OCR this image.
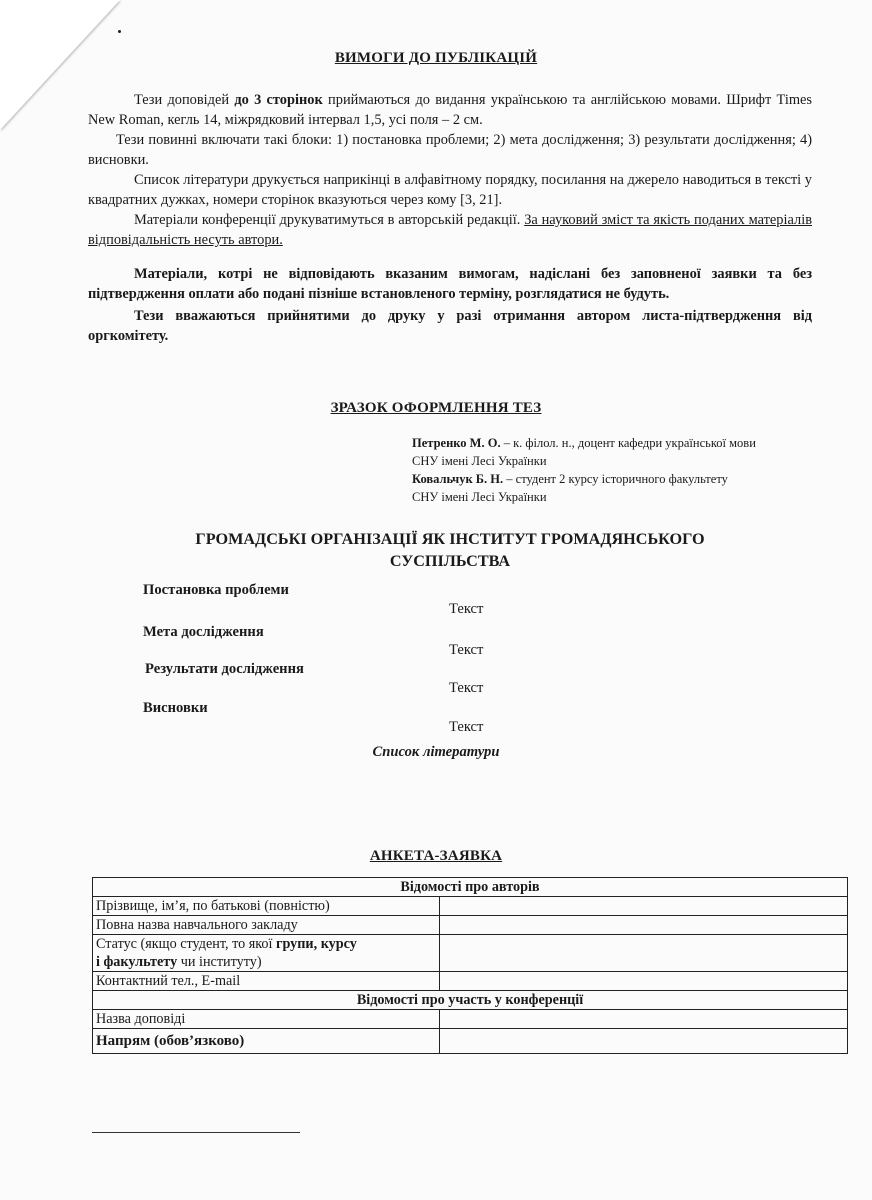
ВИМОГИ ДО ПУБЛІКАЦІЙ

Тези доповідей до 3 сторінок приймаються до видання українською та англійською мовами. Шрифт Times New Roman, кегль 14, міжрядковий інтервал 1,5, усі поля – 2 см.

Тези повинні включати такі блоки: 1) постановка проблеми; 2) мета дослідження; 3) результати дослідження; 4) висновки.

Список літератури друкується наприкінці в алфавітному порядку, посилання на джерело наводиться в тексті у квадратних дужках, номери сторінок вказуються через кому [3, 21].

Матеріали конференції друкуватимуться в авторській редакції. За науковий зміст та якість поданих матеріалів відповідальність несуть автори.

Матеріали, котрі не відповідають вказаним вимогам, надіслані без заповненої заявки та без підтвердження оплати або подані пізніше встановленого терміну, розглядатися не будуть.

Тези вважаються прийнятими до друку у разі отримання автором листа-підтвердження від оргкомітету.

ЗРАЗОК ОФОРМЛЕННЯ ТЕЗ
Петренко М. О. – к. філол. н., доцент кафедри української мови
СНУ імені Лесі Українки
Ковальчук Б. Н. – студент 2 курсу історичного факультету
СНУ імені Лесі Українки
ГРОМАДСЬКІ ОРГАНІЗАЦІЇ ЯК ІНСТИТУТ ГРОМАДЯНСЬКОГО
СУСПІЛЬСТВА
Постановка проблеми
Текст
Мета дослідження
Текст
Результати дослідження
Текст
Висновки
Текст
Список літератури
АНКЕТА-ЗАЯВКА
Відомості про авторів	
Прізвище, ім’я, по батькові (повністю)	
Повна назва навчального закладу	
Статус (якщо студент, то якої групи, курсу
і факультету чи інституту)	
Контактний тел., E-mail	
Відомості про участь у конференції	
Назва доповіді	
Напрям (обов’язково)	
